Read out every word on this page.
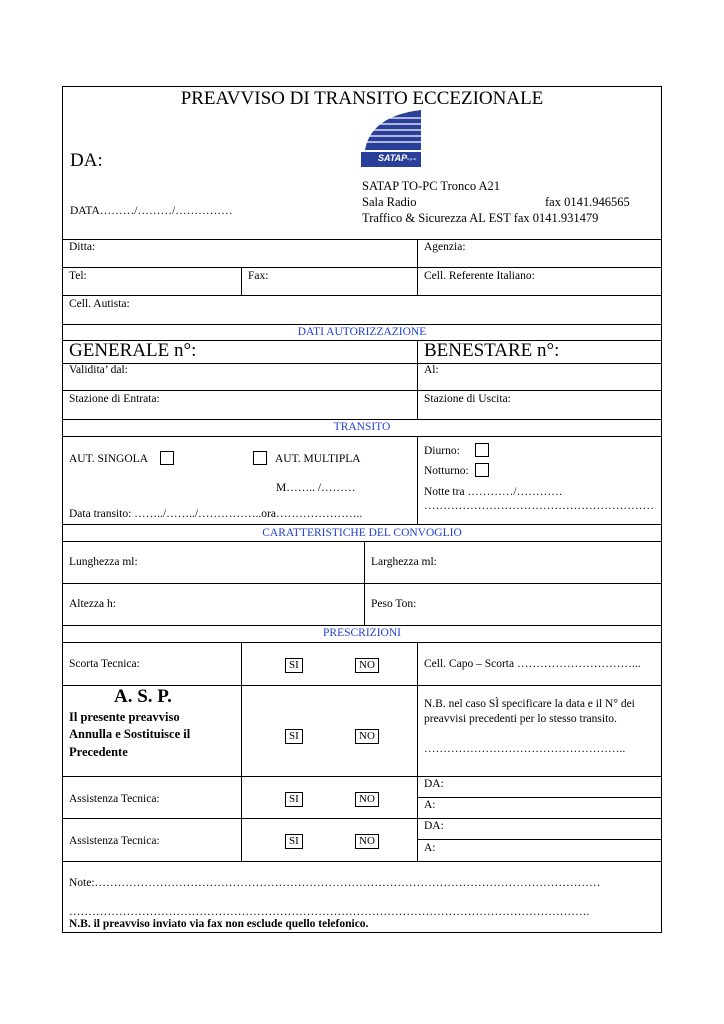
PREAVVISO DI TRANSITO ECCEZIONALE
DA:
DATA………/………/……………
SATAP s.p.a.
SATAP TO-PC Tronco A21
Sala Radio	fax 0141.946565
Traffico & Sicurezza AL EST fax 0141.931479
Ditta:	Agenzia:
Tel:	Fax:	Cell. Referente Italiano:
Cell. Autista:
DATI AUTORIZZAZIONE
GENERALE n°:	BENESTARE n°:
Validita’ dal:	Al:
Stazione di Entrata:	Stazione di Uscita:
TRANSITO
AUT. SINGOLA	AUT. MULTIPLA
M…….. /………
Data transito: ……../……../……………..ora…………………..
Diurno:
Notturno:
Notte tra …………/…………
……………………………………………………
CARATTERISTICHE DEL CONVOGLIO
Lunghezza ml:	Larghezza ml:
Altezza h:	Peso Ton:
PRESCRIZIONI
Scorta Tecnica:	SI	NO	Cell. Capo – Scorta …………………………...
A. S. P.
Il presente preavviso
Annulla e Sostituisce il
Precedente
SI	NO
N.B. nel caso SÌ specificare la data e il N° dei
preavvisi precedenti per lo stesso transito.
……………………………………………..
Assistenza Tecnica:	SI	NO
DA:
A:
Assistenza Tecnica:	SI	NO
DA:
A:
Note:……………………………………………………………………………………………………………………
……………………………………………………………………………………………………………………….
N.B. il preavviso inviato via fax non esclude quello telefonico.
